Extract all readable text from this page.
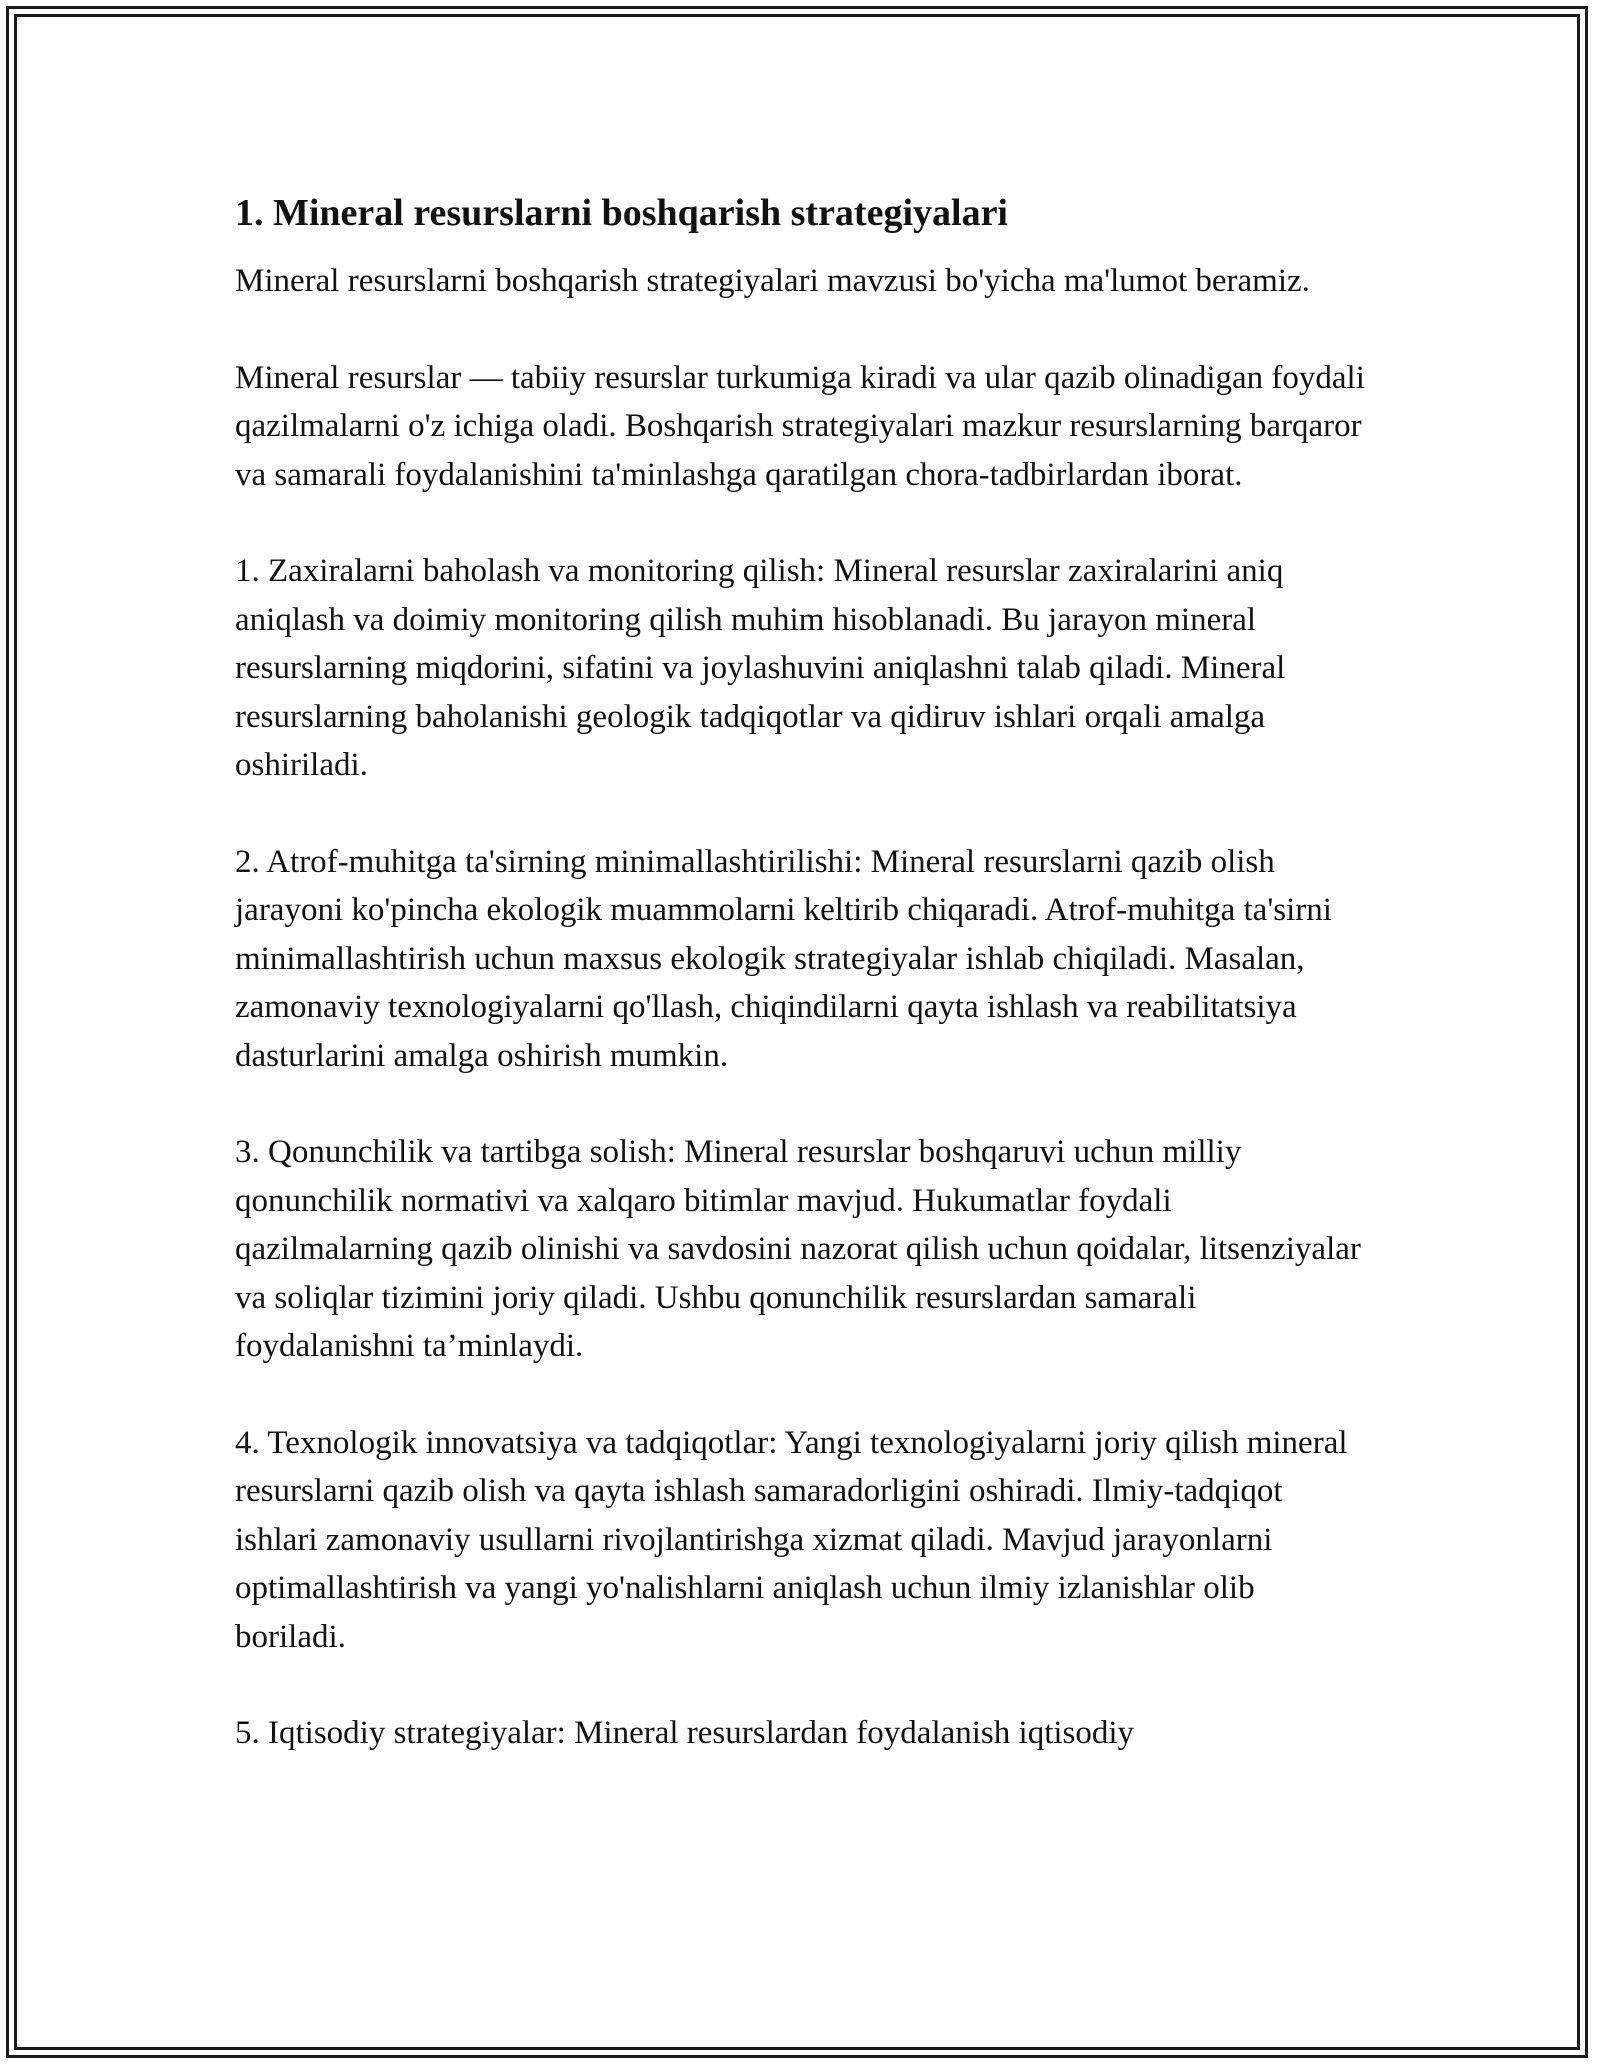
1. Mineral resurslarni boshqarish strategiyalari

Mineral resurslarni boshqarish strategiyalari mavzusi bo'yicha ma'lumot beramiz.

Mineral resurslar — tabiiy resurslar turkumiga kiradi va ular qazib olinadigan foydali qazilmalarni o'z ichiga oladi. Boshqarish strategiyalari mazkur resurslarning barqaror va samarali foydalanishini ta'minlashga qaratilgan chora-tadbirlardan iborat.

1. Zaxiralarni baholash va monitoring qilish: Mineral resurslar zaxiralarini aniq aniqlash va doimiy monitoring qilish muhim hisoblanadi. Bu jarayon mineral resurslarning miqdorini, sifatini va joylashuvini aniqlashni talab qiladi. Mineral resurslarning baholanishi geologik tadqiqotlar va qidiruv ishlari orqali amalga oshiriladi.

2. Atrof-muhitga ta'sirning minimallashtirilishi: Mineral resurslarni qazib olish jarayoni ko'pincha ekologik muammolarni keltirib chiqaradi. Atrof-muhitga ta'sirni minimallashtirish uchun maxsus ekologik strategiyalar ishlab chiqiladi. Masalan, zamonaviy texnologiyalarni qo'llash, chiqindilarni qayta ishlash va reabilitatsiya dasturlarini amalga oshirish mumkin.

3. Qonunchilik va tartibga solish: Mineral resurslar boshqaruvi uchun milliy qonunchilik normativi va xalqaro bitimlar mavjud. Hukumatlar foydali qazilmalarning qazib olinishi va savdosini nazorat qilish uchun qoidalar, litsenziyalar va soliqlar tizimini joriy qiladi. Ushbu qonunchilik resurslardan samarali foydalanishni ta’minlaydi.

4. Texnologik innovatsiya va tadqiqotlar: Yangi texnologiyalarni joriy qilish mineral resurslarni qazib olish va qayta ishlash samaradorligini oshiradi. Ilmiy-tadqiqot ishlari zamonaviy usullarni rivojlantirishga xizmat qiladi. Mavjud jarayonlarni optimallashtirish va yangi yo'nalishlarni aniqlash uchun ilmiy izlanishlar olib boriladi.

5. Iqtisodiy strategiyalar: Mineral resurslardan foydalanish iqtisodiy
